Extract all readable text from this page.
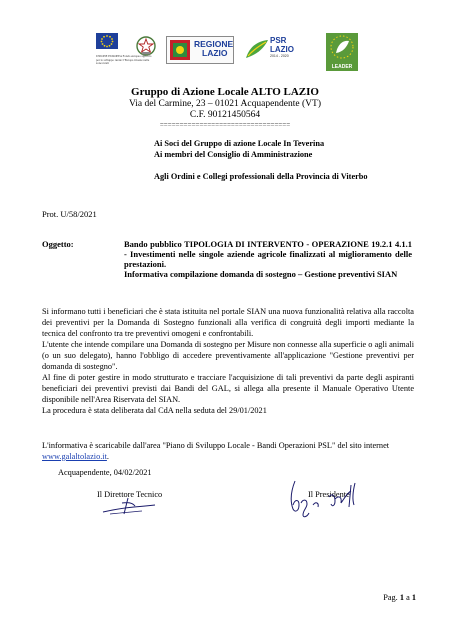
UNIONE EUROPEA Fondo europeo agricolo per lo sviluppo rurale: l'Europa investe nelle zone rurali
REGIONE
LAZIO
PSR
LAZIO
2014 - 2020
LEADER
Gruppo di Azione Locale ALTO LAZIO
Via del Carmine, 23 – 01021 Acquapendente (VT)
C.F. 90121450564
=================================
Ai Soci del Gruppo di azione Locale In Teverina
Ai membri del Consiglio di Amministrazione
Agli Ordini e Collegi professionali della Provincia di Viterbo
Prot. U/58/2021
Oggetto:	Bando pubblico TIPOLOGIA DI INTERVENTO - OPERAZIONE 19.2.1 4.1.1 - Investimenti nelle singole aziende agricole finalizzati al miglioramento delle prestazioni.
Informativa compilazione domanda di sostegno – Gestione preventivi SIAN

Si informano tutti i beneficiari che è stata istituita nel portale SIAN una nuova funzionalità relativa alla raccolta dei preventivi per la Domanda di Sostegno funzionali alla verifica di congruità degli importi mediante la tecnica del confronto tra tre preventivi omogeni e confrontabili.

L'utente che intende compilare una Domanda di sostegno per Misure non connesse alla superficie o agli animali (o un suo delegato), hanno l'obbligo di accedere preventivamente all'applicazione "Gestione preventivi per domanda di sostegno".

Al fine di poter gestire in modo strutturato e tracciare l'acquisizione di tali preventivi da parte degli aspiranti beneficiari dei preventivi previsti dai Bandi del GAL, si allega alla presente il Manuale Operativo Utente disponibile nell'Area Riservata del SIAN.

La procedura è stata deliberata dal CdA nella seduta del 29/01/2021

L'informativa è scaricabile dall'area "Piano di Sviluppo Locale - Bandi Operazioni PSL" del sito internet www.galaltolazio.it.
Acquapendente, 04/02/2021
Il Direttore Tecnico	Il Presidente
Pag. 1 a 1
